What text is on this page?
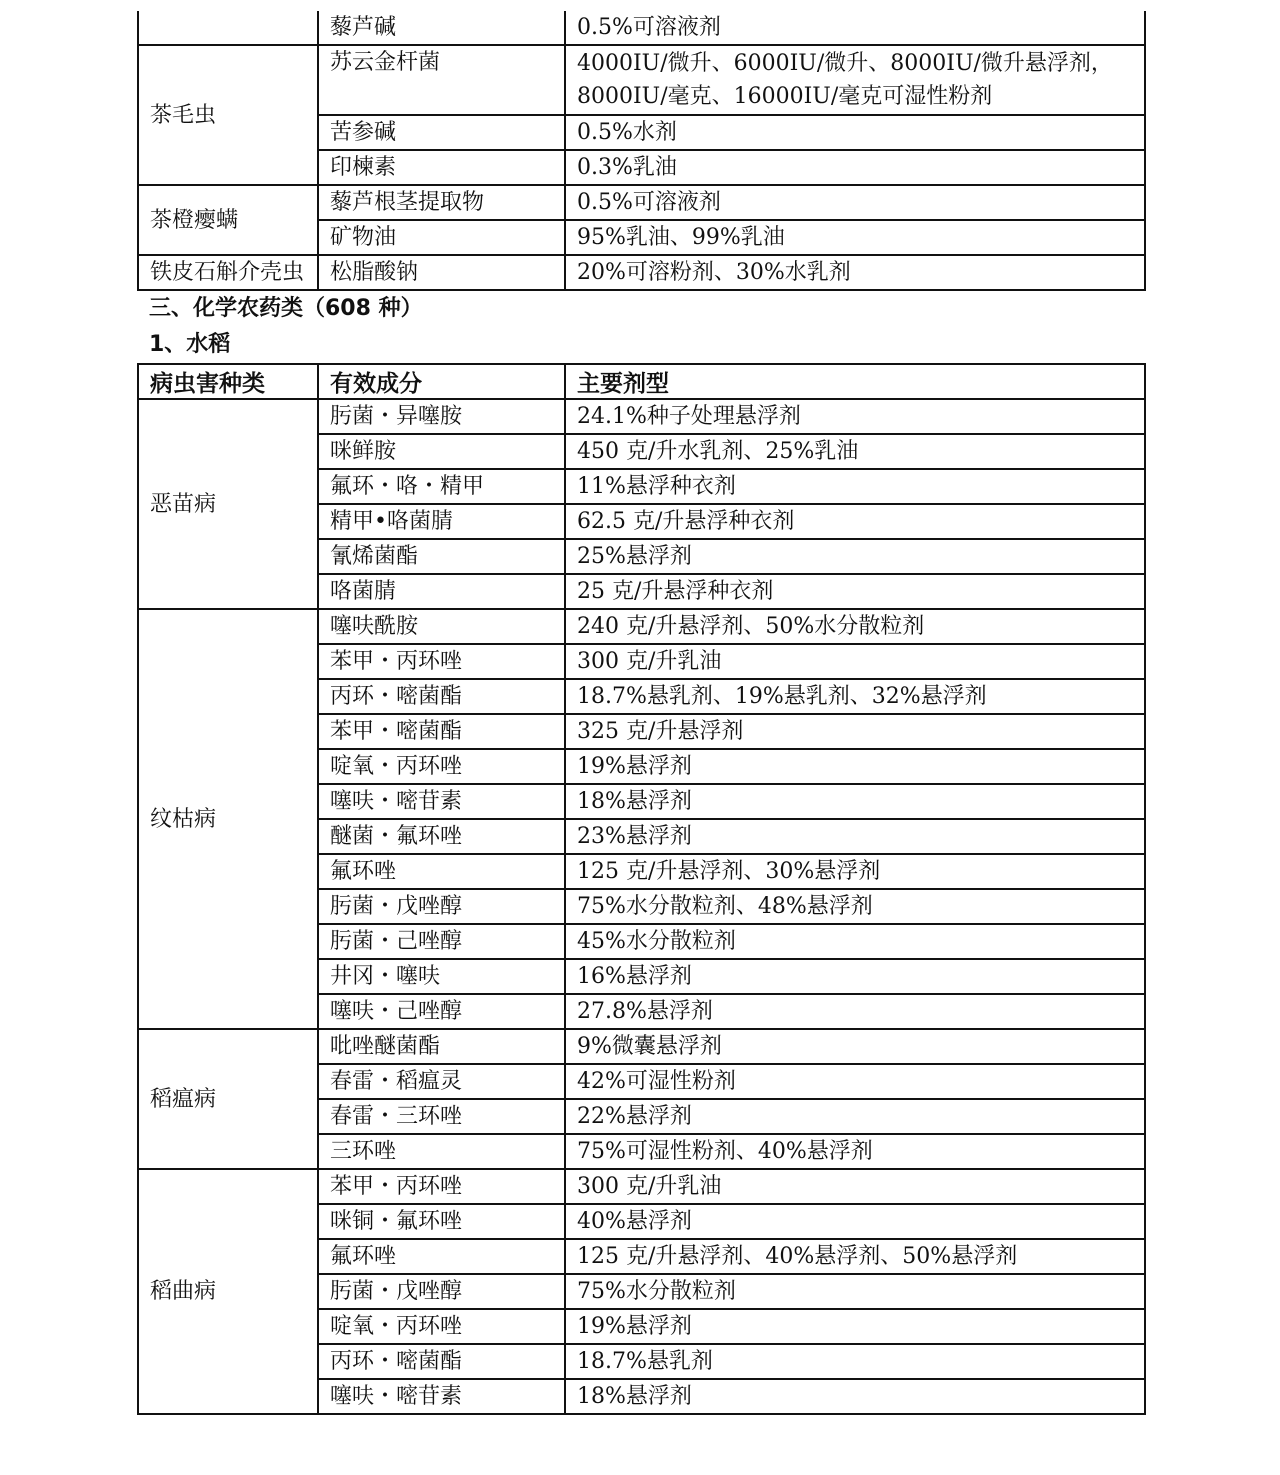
	藜芦碱	0.5%可溶液剂
茶毛虫	苏云金杆菌	4000IU/微升、6000IU/微升、8000IU/微升悬浮剂，8000IU/毫克、16000IU/毫克可湿性粉剂
	苦参碱	0.5%水剂
	印楝素	0.3%乳油
茶橙瘿螨	藜芦根茎提取物	0.5%可溶液剂
	矿物油	95%乳油、99%乳油
铁皮石斛介壳虫	松脂酸钠	20%可溶粉剂、30%水乳剂
三、化学农药类（608 种）
1、水稻
病虫害种类	有效成分	主要剂型
恶苗病	肟菌・异噻胺	24.1%种子处理悬浮剂
	咪鲜胺	450 克/升水乳剂、25%乳油
	氟环・咯・精甲	11%悬浮种衣剂
	精甲•咯菌腈	62.5 克/升悬浮种衣剂
	氰烯菌酯	25%悬浮剂
	咯菌腈	25 克/升悬浮种衣剂
纹枯病	噻呋酰胺	240 克/升悬浮剂、50%水分散粒剂
	苯甲・丙环唑	300 克/升乳油
	丙环・嘧菌酯	18.7%悬乳剂、19%悬乳剂、32%悬浮剂
	苯甲・嘧菌酯	325 克/升悬浮剂
	啶氧・丙环唑	19%悬浮剂
	噻呋・嘧苷素	18%悬浮剂
	醚菌・氟环唑	23%悬浮剂
	氟环唑	125 克/升悬浮剂、30%悬浮剂
	肟菌・戊唑醇	75%水分散粒剂、48%悬浮剂
	肟菌・己唑醇	45%水分散粒剂
	井冈・噻呋	16%悬浮剂
	噻呋・己唑醇	27.8%悬浮剂
稻瘟病	吡唑醚菌酯	9%微囊悬浮剂
	春雷・稻瘟灵	42%可湿性粉剂
	春雷・三环唑	22%悬浮剂
	三环唑	75%可湿性粉剂、40%悬浮剂
稻曲病	苯甲・丙环唑	300 克/升乳油
	咪铜・氟环唑	40%悬浮剂
	氟环唑	125 克/升悬浮剂、40%悬浮剂、50%悬浮剂
	肟菌・戊唑醇	75%水分散粒剂
	啶氧・丙环唑	19%悬浮剂
	丙环・嘧菌酯	18.7%悬乳剂
	噻呋・嘧苷素	18%悬浮剂
